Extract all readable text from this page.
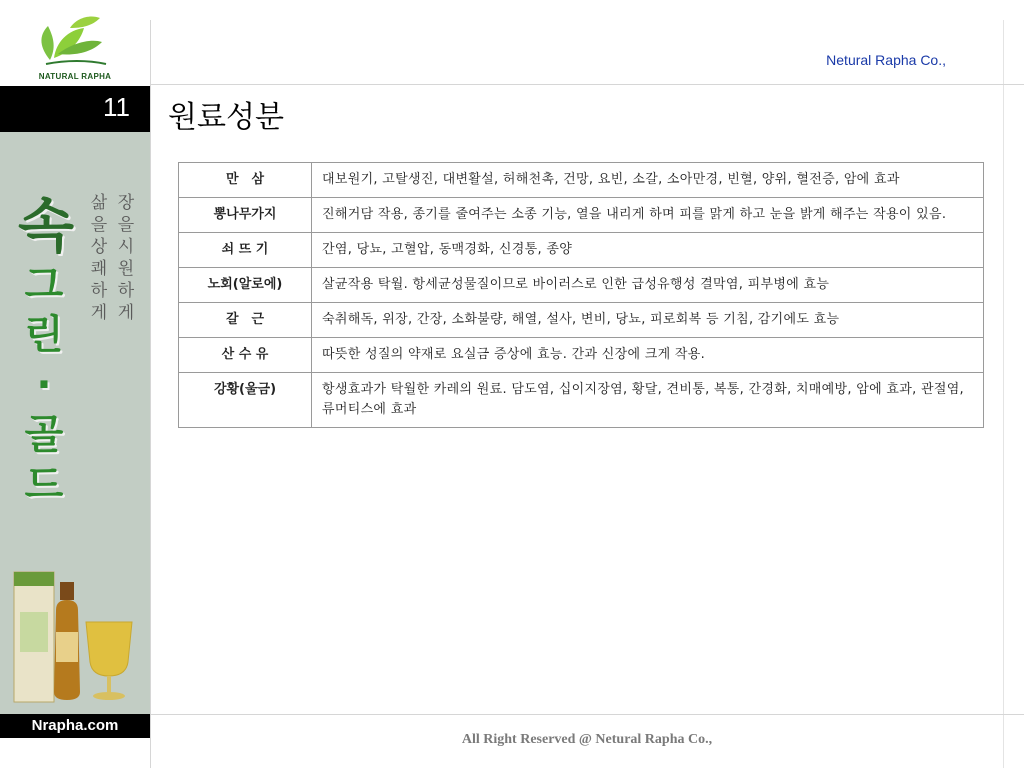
NATURAL RAPHA
Netural Rapha Co.,
11
속
그
린
·
골
드
삶
을
상
쾌
하
게
장
을
시
원
하
게
Nrapha.com
원료성분
만　삼	대보원기, 고탈생진, 대변활설, 허해천촉, 건망, 요빈, 소갈, 소아만경, 빈혈, 양위, 혈전증, 암에 효과
뽕나무가지	진해거담 작용, 종기를 줄여주는 소종 기능, 열을 내리게 하며 피를 맑게 하고 눈을 밝게 해주는 작용이 있음.
쇠 뜨 기	간염, 당뇨, 고혈압, 동맥경화, 신경통, 종양
노회(알로에)	살균작용 탁월. 항세균성물질이므로 바이러스로 인한 급성유행성 결막염, 피부병에 효능
갈　근	숙취해독, 위장, 간장, 소화불량, 해열, 설사, 변비, 당뇨, 피로회복 등 기침, 감기에도 효능
산 수 유	따뜻한 성질의 약재로 요실금 증상에 효능. 간과 신장에 크게 작용.
강황(울금)	항생효과가 탁월한 카레의 원료. 담도염, 십이지장염, 황달, 견비통, 복통, 간경화, 치매예방, 암에 효과, 관절염, 류머티스에 효과
All Right Reserved @ Netural Rapha Co.,
